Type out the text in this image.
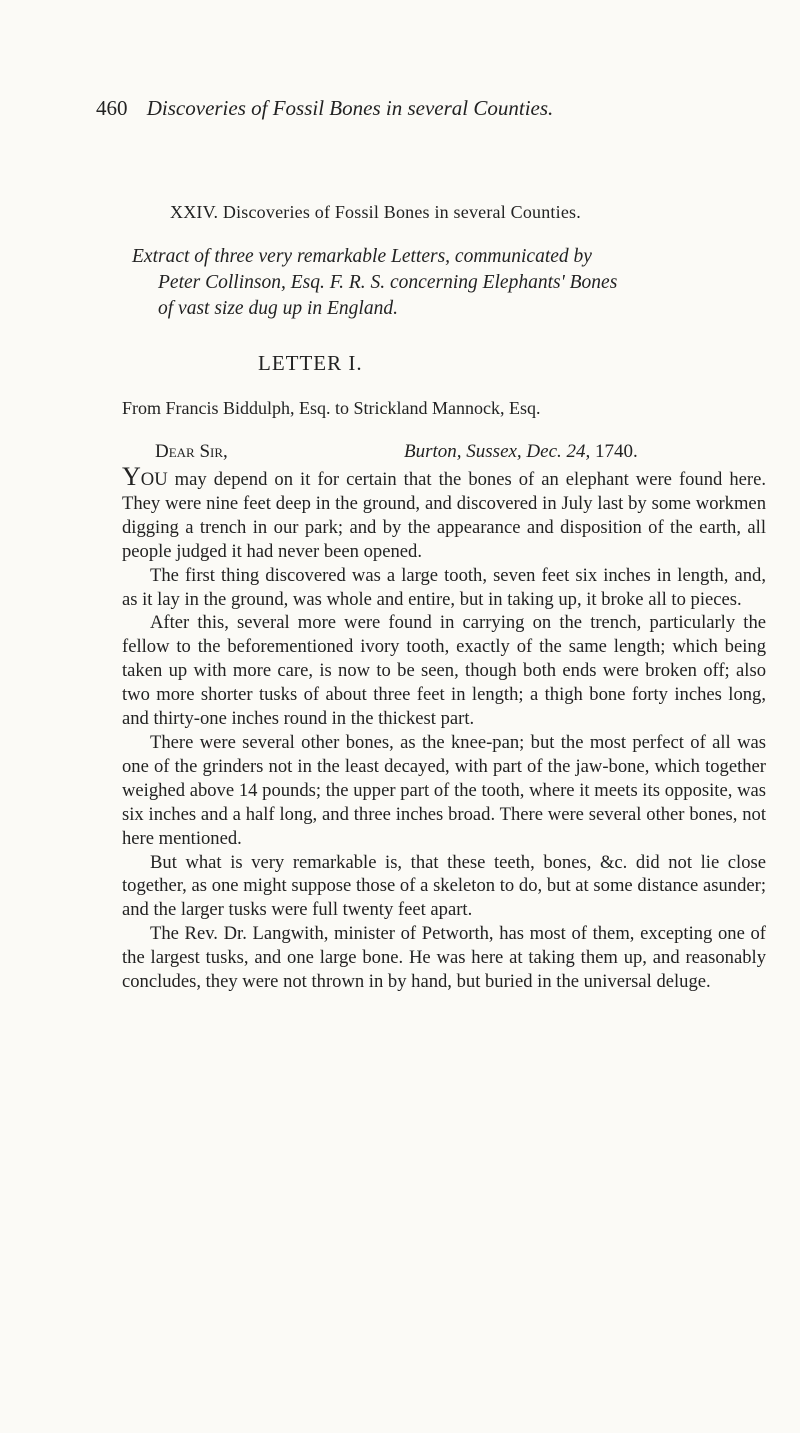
460 Discoveries of Fossil Bones in several Counties.
XXIV. Discoveries of Fossil Bones in several Counties.
Extract of three very remarkable Letters, communicated by
Peter Collinson, Esq. F. R. S. concerning Elephants' Bones
of vast size dug up in England.
LETTER I.
From Francis Biddulph, Esq. to Strickland Mannock, Esq.
Dear Sir,	Burton, Sussex, Dec. 24, 1740.

YOU may depend on it for certain that the bones of an elephant were found here. They were nine feet deep in the ground, and discovered in July last by some workmen digging a trench in our park; and by the appearance and disposition of the earth, all people judged it had never been opened.

The first thing discovered was a large tooth, seven feet six inches in length, and, as it lay in the ground, was whole and entire, but in taking up, it broke all to pieces.

After this, several more were found in carrying on the trench, particularly the fellow to the beforementioned ivory tooth, exactly of the same length; which being taken up with more care, is now to be seen, though both ends were broken off; also two more shorter tusks of about three feet in length; a thigh bone forty inches long, and thirty-one inches round in the thickest part.

There were several other bones, as the knee-pan; but the most perfect of all was one of the grinders not in the least decayed, with part of the jaw-bone, which together weighed above 14 pounds; the upper part of the tooth, where it meets its opposite, was six inches and a half long, and three inches broad. There were several other bones, not here mentioned.

But what is very remarkable is, that these teeth, bones, &c. did not lie close together, as one might suppose those of a skeleton to do, but at some distance asunder; and the larger tusks were full twenty feet apart.

The Rev. Dr. Langwith, minister of Petworth, has most of them, excepting one of the largest tusks, and one large bone. He was here at taking them up, and reasonably concludes, they were not thrown in by hand, but buried in the universal deluge.
